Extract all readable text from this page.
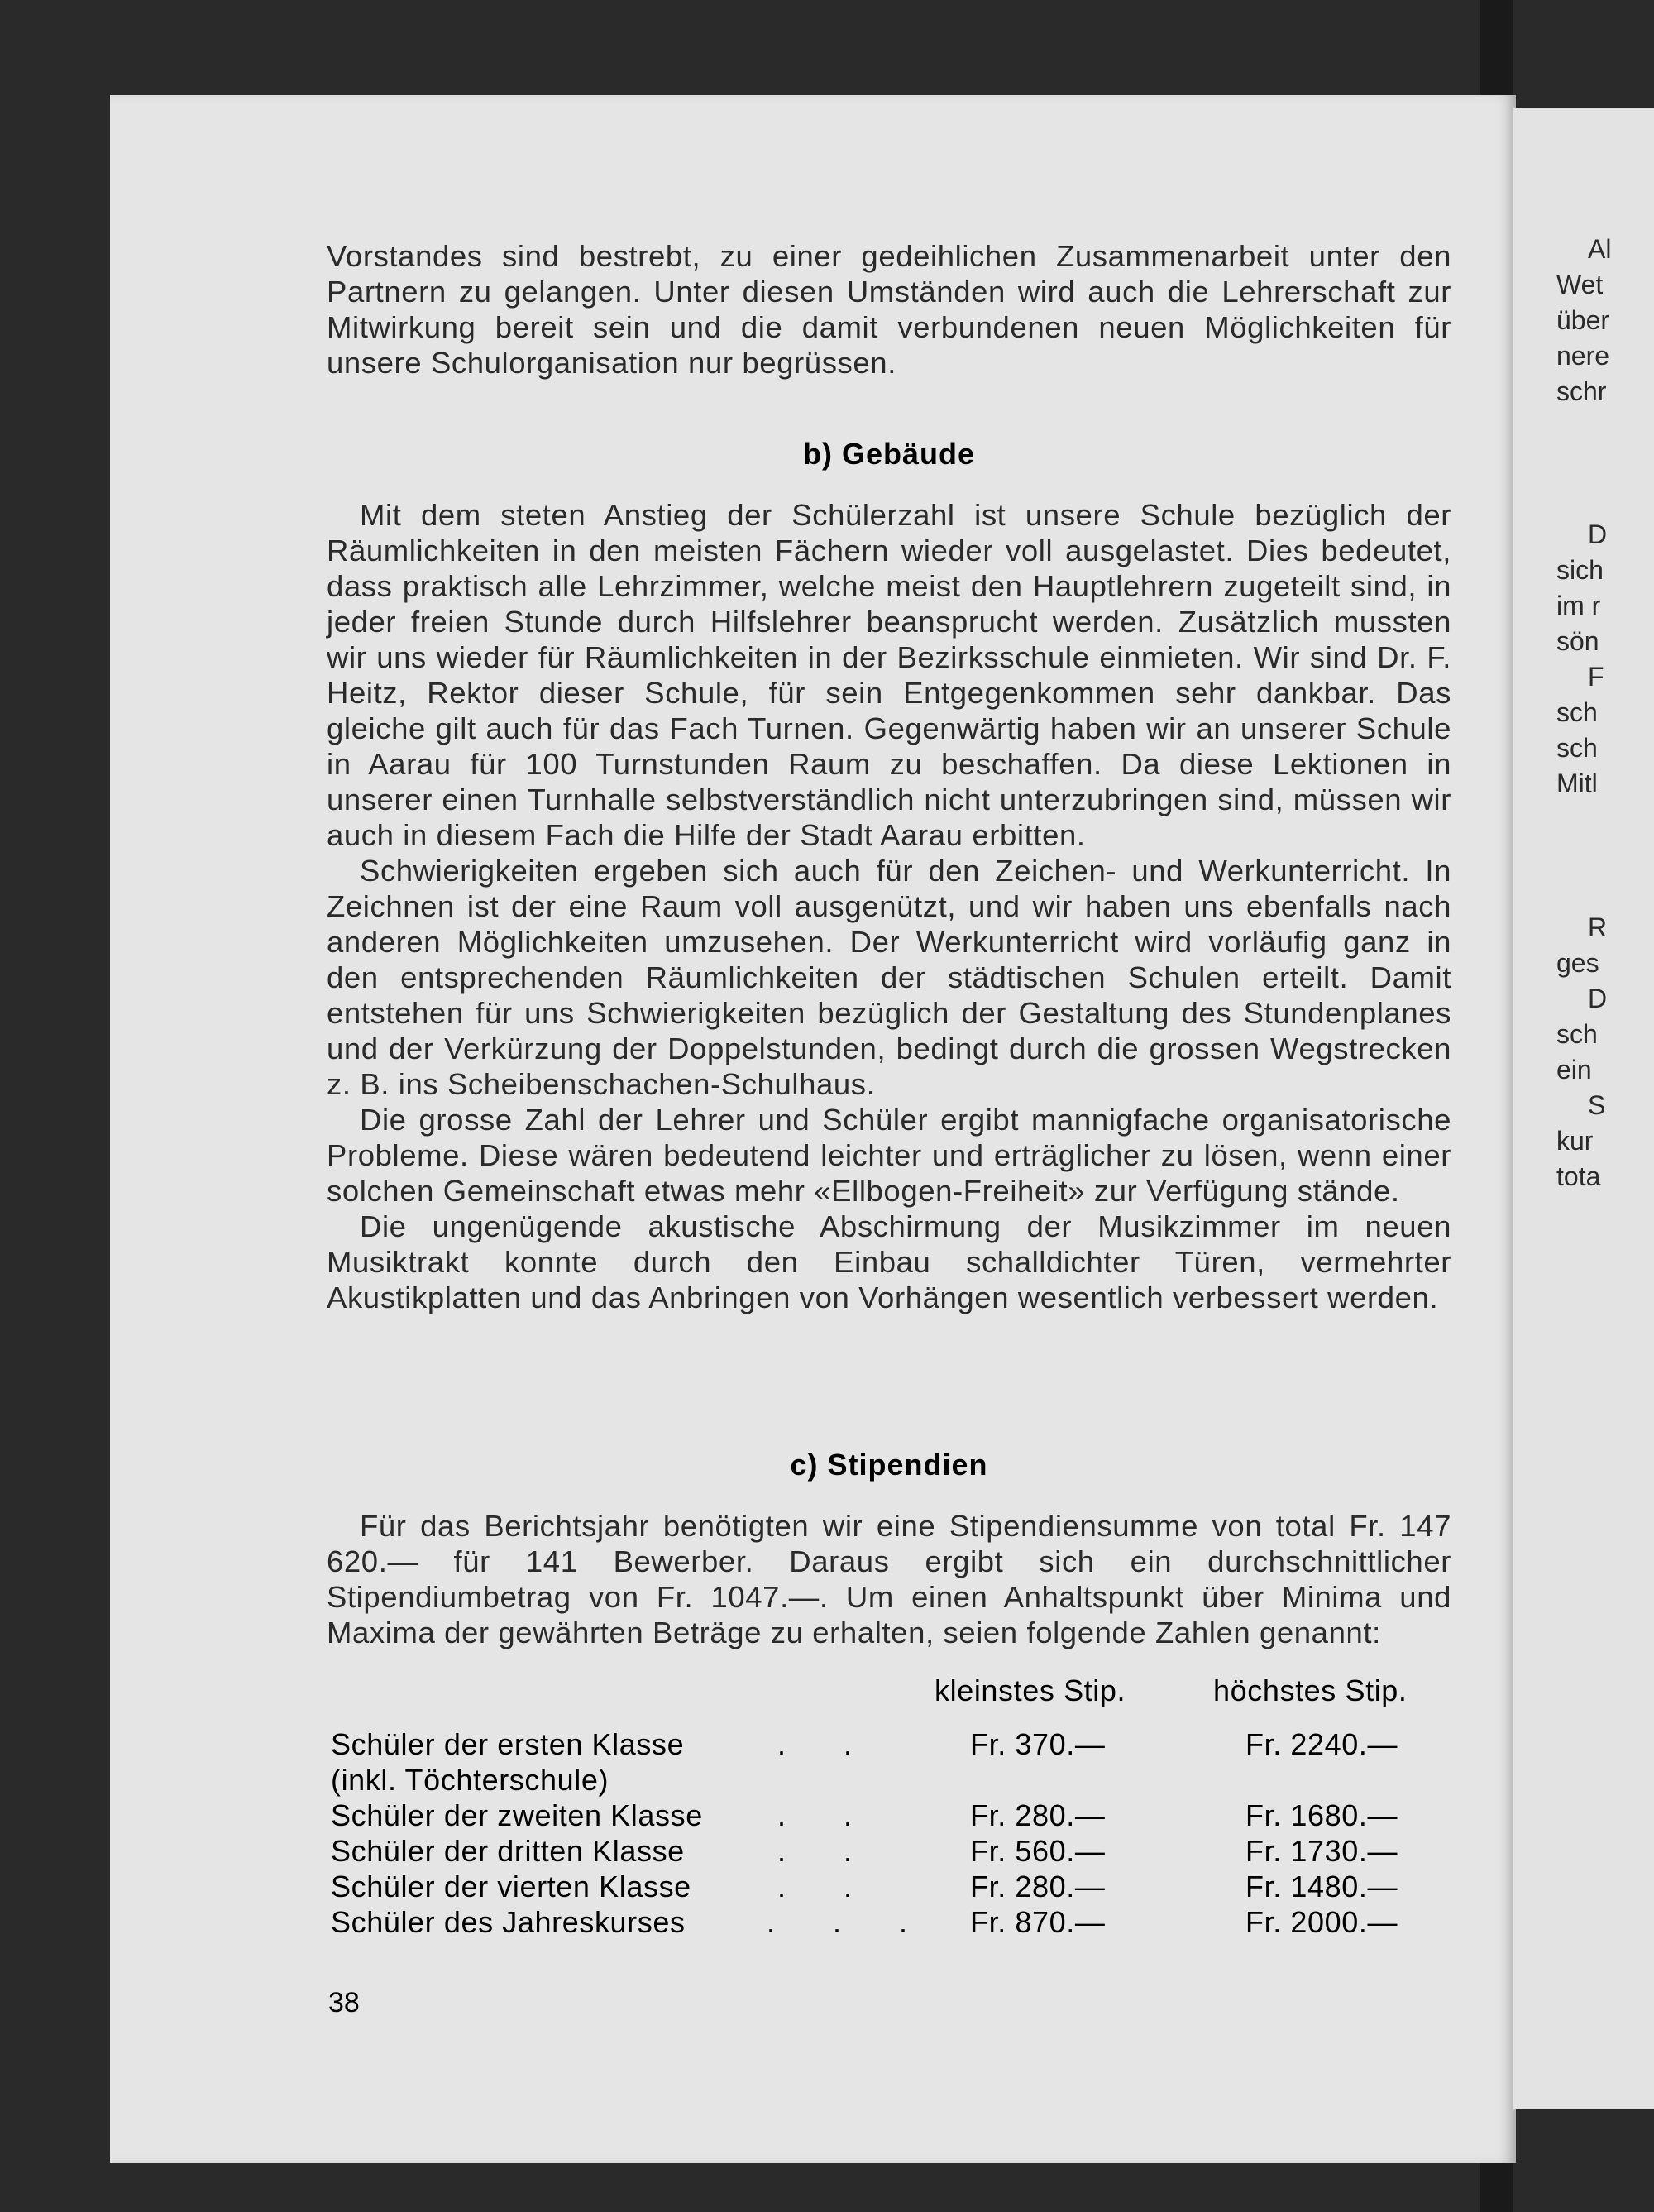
Al
Wet
über
nere
schr
D
sich
im r
sön
F
sch
sch
Mitl
R
ges
D
sch
ein
S
kur
tota

Vorstandes sind bestrebt, zu einer gedeihlichen Zusammenarbeit unter den Partnern zu gelangen. Unter diesen Umständen wird auch die Lehrerschaft zur Mitwirkung bereit sein und die damit verbundenen neuen Möglichkeiten für unsere Schulorganisation nur begrüssen.

b) Gebäude

Mit dem steten Anstieg der Schülerzahl ist unsere Schule bezüglich der Räumlichkeiten in den meisten Fächern wieder voll ausgelastet. Dies bedeutet, dass praktisch alle Lehrzimmer, welche meist den Hauptlehrern zugeteilt sind, in jeder freien Stunde durch Hilfslehrer beansprucht werden. Zusätzlich mussten wir uns wieder für Räumlichkeiten in der Bezirksschule einmieten. Wir sind Dr. F. Heitz, Rektor dieser Schule, für sein Entgegenkommen sehr dankbar. Das gleiche gilt auch für das Fach Turnen. Gegenwärtig haben wir an unserer Schule in Aarau für 100 Turnstunden Raum zu beschaffen. Da diese Lektionen in unserer einen Turnhalle selbstverständlich nicht unterzubringen sind, müssen wir auch in diesem Fach die Hilfe der Stadt Aarau erbitten.

Schwierigkeiten ergeben sich auch für den Zeichen- und Werkunterricht. In Zeichnen ist der eine Raum voll ausgenützt, und wir haben uns ebenfalls nach anderen Möglichkeiten umzusehen. Der Werkunterricht wird vorläufig ganz in den entsprechenden Räumlichkeiten der städtischen Schulen erteilt. Damit entstehen für uns Schwierigkeiten bezüglich der Gestaltung des Stundenplanes und der Verkürzung der Doppelstunden, bedingt durch die grossen Wegstrecken z. B. ins Scheibenschachen-Schulhaus.

Die grosse Zahl der Lehrer und Schüler ergibt mannigfache organisatorische Probleme. Diese wären bedeutend leichter und erträglicher zu lösen, wenn einer solchen Gemeinschaft etwas mehr «Ellbogen-Freiheit» zur Verfügung stände.

Die ungenügende akustische Abschirmung der Musikzimmer im neuen Musiktrakt konnte durch den Einbau schalldichter Türen, vermehrter Akustikplatten und das Anbringen von Vorhängen wesentlich verbessert werden.

c) Stipendien

Für das Berichtsjahr benötigten wir eine Stipendiensumme von total Fr. 147 620.— für 141 Bewerber. Daraus ergibt sich ein durchschnittlicher Stipendiumbetrag von Fr. 1047.—. Um einen Anhaltspunkt über Minima und Maxima der gewährten Beträge zu erhalten, seien folgende Zahlen genannt:

kleinstes Stip.	höchstes Stip.
Schüler der ersten Klasse	. .	Fr. 370.—	Fr. 2240.—
(inkl. Töchterschule)
Schüler der zweiten Klasse	. .	Fr. 280.—	Fr. 1680.—
Schüler der dritten Klasse	. .	Fr. 560.—	Fr. 1730.—
Schüler der vierten Klasse	. .	Fr. 280.—	Fr. 1480.—
Schüler des Jahreskurses	. . . Fr. 870.—	Fr. 2000.—
38
